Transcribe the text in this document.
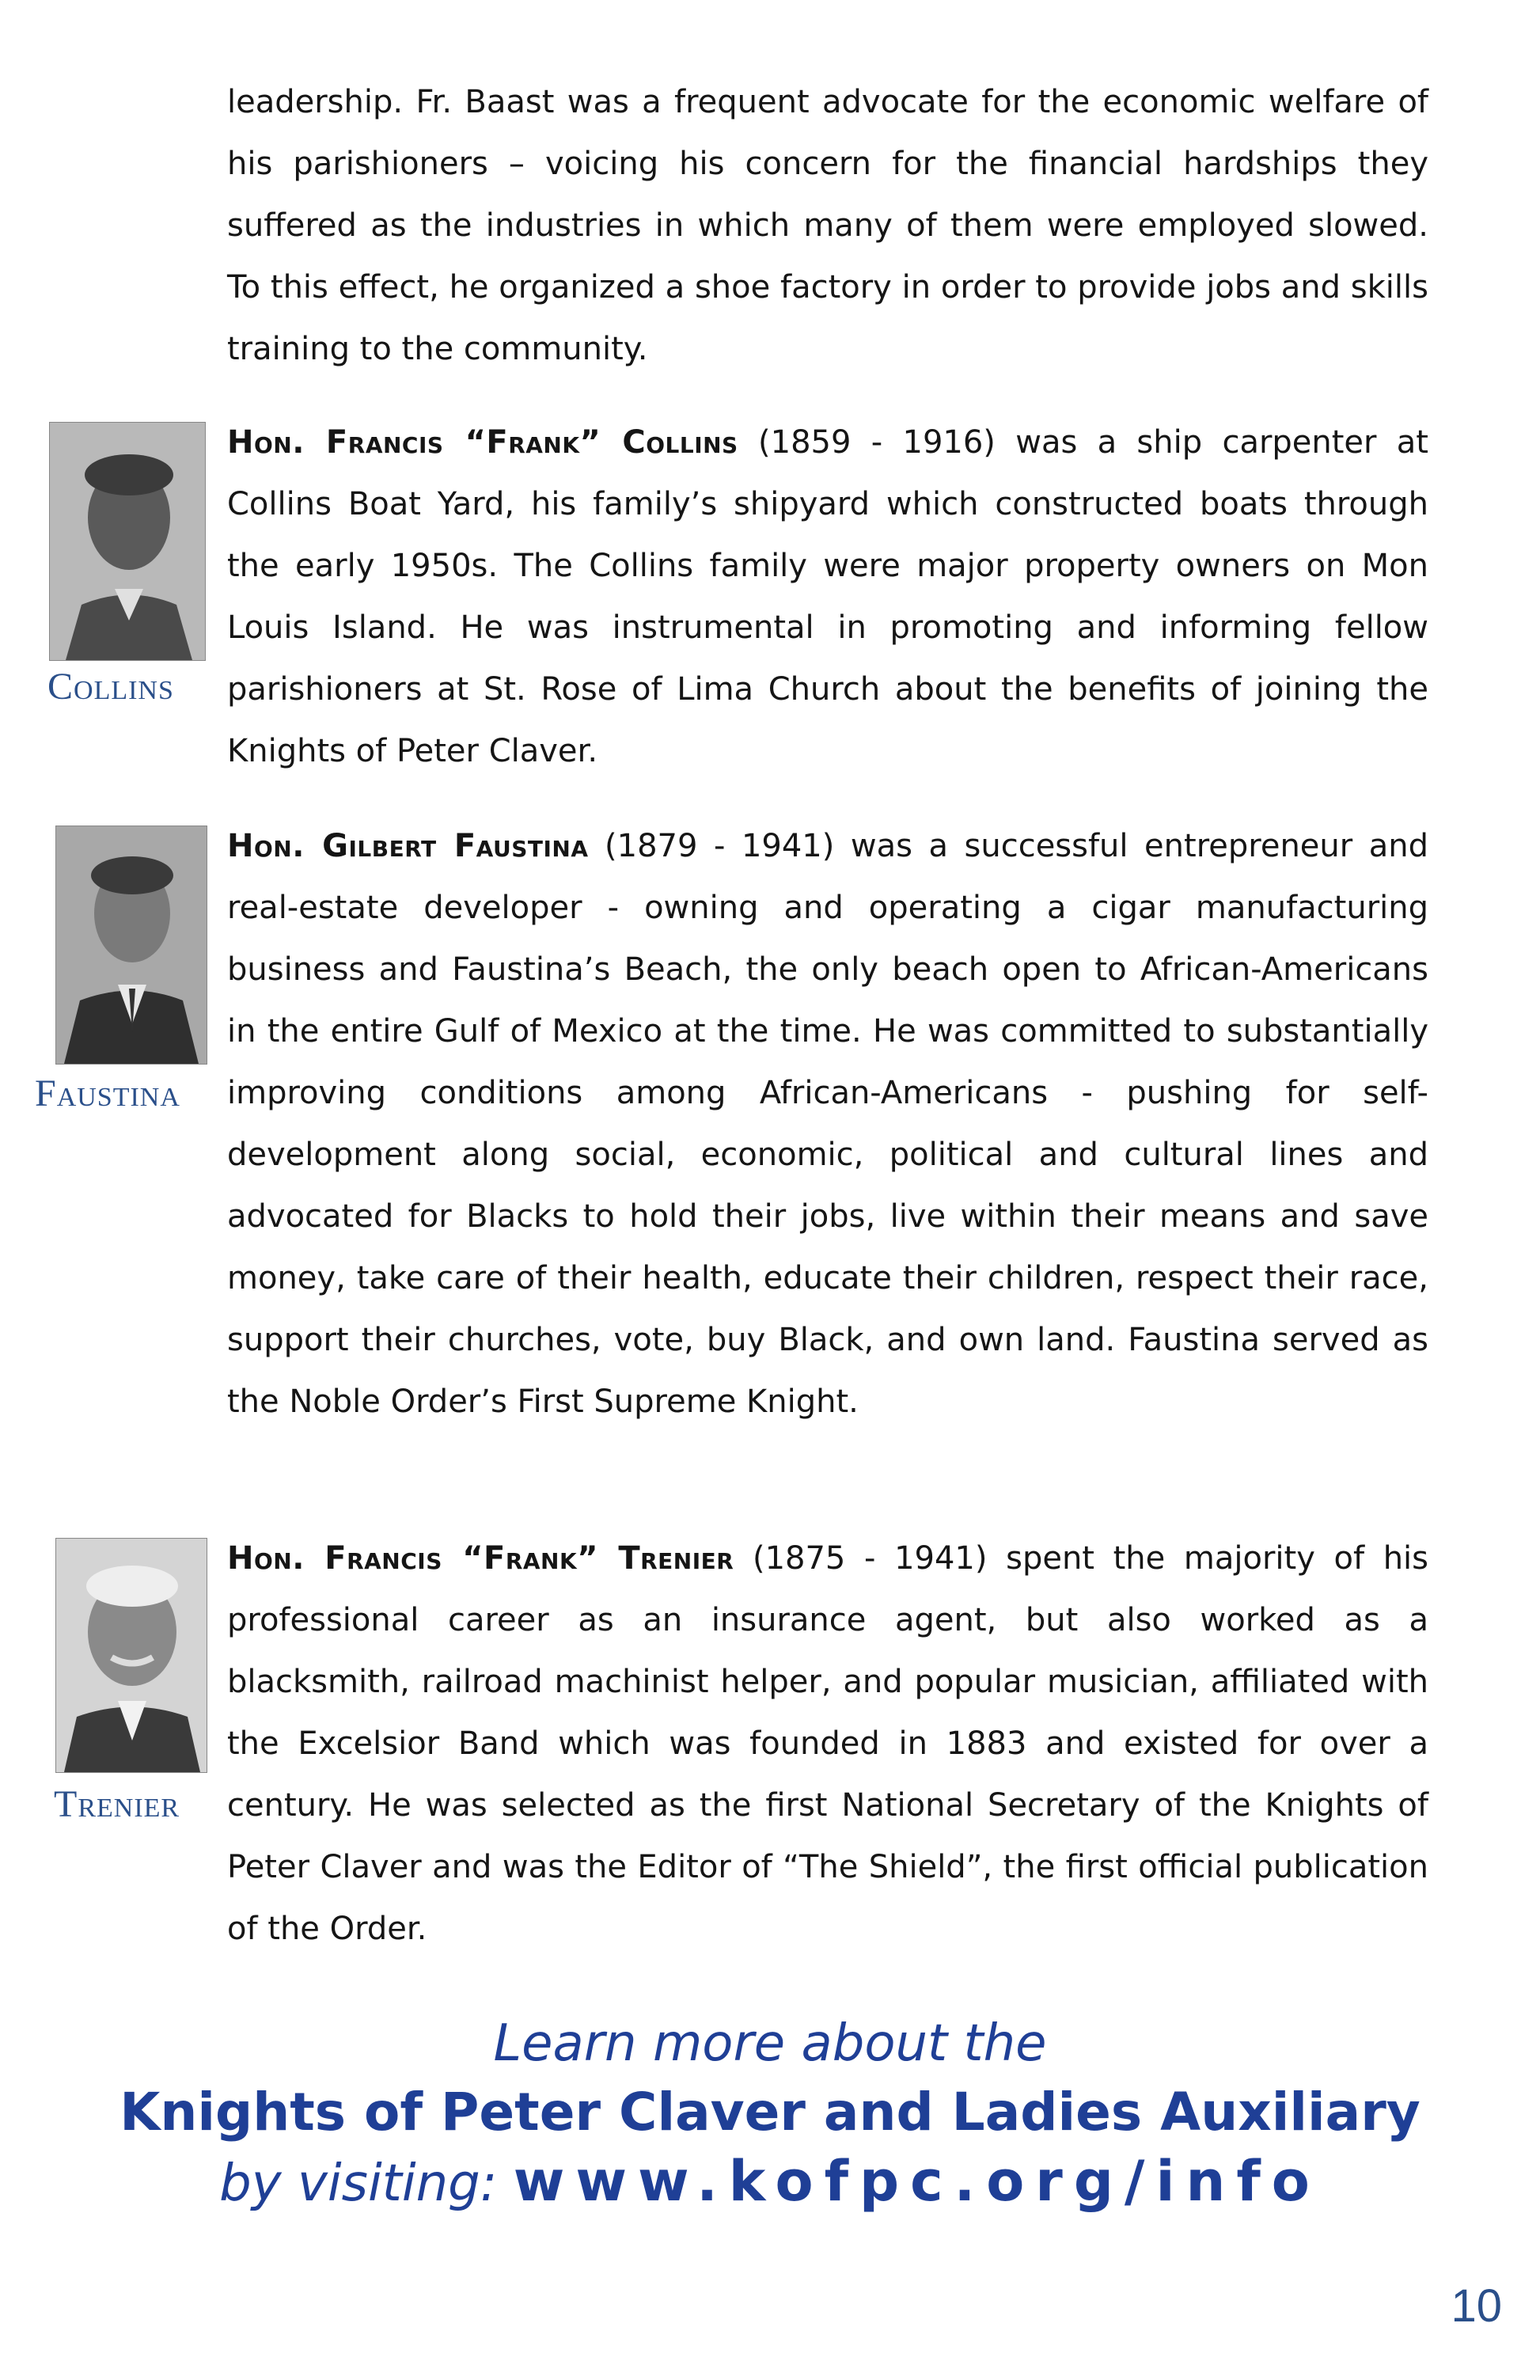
leadership. Fr. Baast was a frequent advocate for the economic welfare of his parishioners – voicing his concern for the financial hardships they suffered as the industries in which many of them were employed slowed. To this effect, he organized a shoe factory in order to provide jobs and skills training to the community.

Collins

Hon. Francis “Frank” Collins (1859 - 1916) was a ship carpenter at Collins Boat Yard, his family’s shipyard which constructed boats through the early 1950s. The Collins family were major property owners on Mon Louis Island. He was instrumental in promoting and informing fellow parishioners at St. Rose of Lima Church about the benefits of joining the Knights of Peter Claver.

Faustina

Hon. Gilbert Faustina (1879 - 1941) was a successful entrepreneur and real-estate developer - owning and operating a cigar manufacturing business and Faustina’s Beach, the only beach open to African-Americans in the entire Gulf of Mexico at the time. He was committed to substantially improving conditions among African-Americans - pushing for self-development along social, economic, political and cultural lines and advocated for Blacks to hold their jobs, live within their means and save money, take care of their health, educate their children, respect their race, support their churches, vote, buy Black, and own land. Faustina served as the Noble Order’s First Supreme Knight.

Trenier

Hon. Francis “Frank” Trenier (1875 - 1941) spent the majority of his professional career as an insurance agent, but also worked as a blacksmith, railroad machinist helper, and popular musician, affiliated with the Excelsior Band which was founded in 1883 and existed for over a century. He was selected as the first National Secretary of the Knights of Peter Claver and was the Editor of “The Shield”, the first official publication of the Order.

Learn more about the
Knights of Peter Claver and Ladies Auxiliary
by visiting: www.kofpc.org/info
10
